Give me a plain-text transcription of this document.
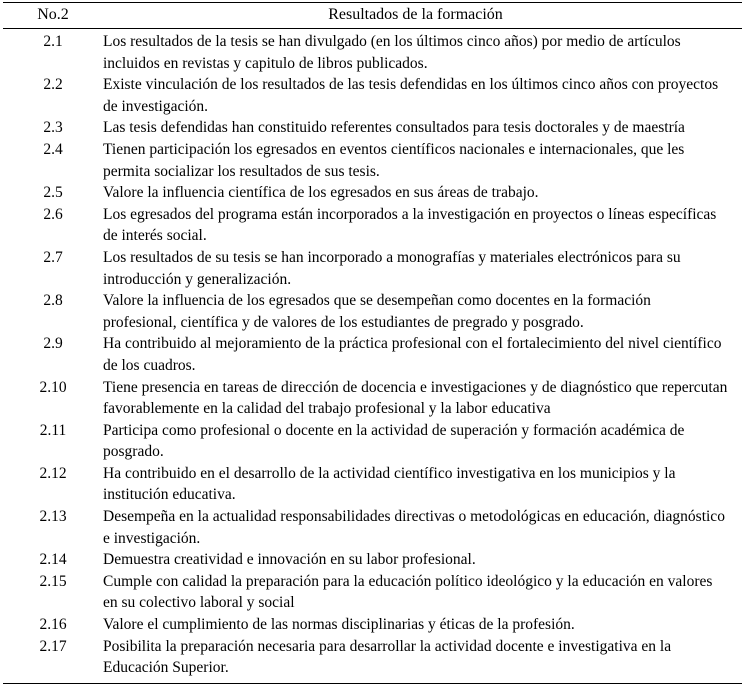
No.2	Resultados de la formación
2.1	Los resultados de la tesis se han divulgado (en los últimos cinco años) por medio de artículos incluidos en revistas y capitulo de libros publicados.
2.2	Existe vinculación de los resultados de las tesis defendidas en los últimos cinco años con proyectos de investigación.
2.3	Las tesis defendidas han constituido referentes consultados para tesis doctorales y de maestría
2.4	Tienen participación los egresados en eventos científicos nacionales e internacionales, que les permita socializar los resultados de sus tesis.
2.5	Valore la influencia científica de los egresados en sus áreas de trabajo.
2.6	Los egresados del programa están incorporados a la investigación en proyectos o líneas específicas de interés social.
2.7	Los resultados de su tesis se han incorporado a monografías y materiales electrónicos para su introducción y generalización.
2.8	Valore la influencia de los egresados que se desempeñan como docentes en la formación profesional, científica y de valores de los estudiantes de pregrado y posgrado.
2.9	Ha contribuido al mejoramiento de la práctica profesional con el fortalecimiento del nivel científico de los cuadros.
2.10	Tiene presencia en tareas de dirección de docencia e investigaciones y de diagnóstico que repercutan favorablemente en la calidad del trabajo profesional y la labor educativa
2.11	Participa como profesional o docente en la actividad de superación y formación académica de posgrado.
2.12	Ha contribuido en el desarrollo de la actividad científico investigativa en los municipios y la institución educativa.
2.13	Desempeña en la actualidad responsabilidades directivas o metodológicas en educación, diagnóstico e investigación.
2.14	Demuestra creatividad e innovación en su labor profesional.
2.15	Cumple con calidad la preparación para la educación político ideológico y la educación en valores en su colectivo laboral y social
2.16	Valore el cumplimiento de las normas disciplinarias y éticas de la profesión.
2.17	Posibilita la preparación necesaria para desarrollar la actividad docente e investigativa en la Educación Superior.
